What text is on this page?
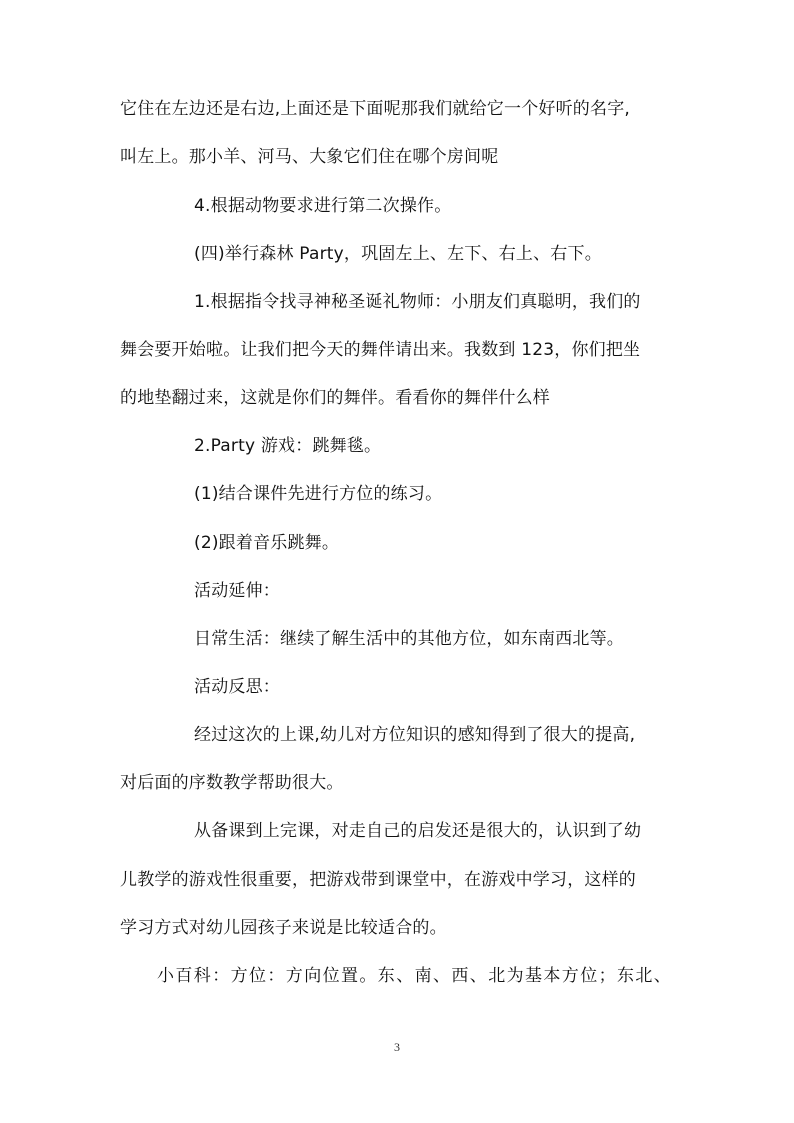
它住在左边还是右边,上面还是下面呢那我们就给它一个好听的名字,
叫左上。那小羊、河马、大象它们住在哪个房间呢
4.根据动物要求进行第二次操作。
(四)举行森林 Party，巩固左上、左下、右上、右下。
1.根据指令找寻神秘圣诞礼物师：小朋友们真聪明，我们的
舞会要开始啦。让我们把今天的舞伴请出来。我数到 123，你们把坐
的地垫翻过来，这就是你们的舞伴。看看你的舞伴什么样
2.Party 游戏：跳舞毯。
(1)结合课件先进行方位的练习。
(2)跟着音乐跳舞。
活动延伸：
日常生活：继续了解生活中的其他方位，如东南西北等。
活动反思：
经过这次的上课,幼儿对方位知识的感知得到了很大的提高,
对后面的序数教学帮助很大。
从备课到上完课，对走自己的启发还是很大的，认识到了幼
儿教学的游戏性很重要，把游戏带到课堂中，在游戏中学习，这样的
学习方式对幼儿园孩子来说是比较适合的。
小百科：方位：方向位置。东、南、西、北为基本方位；东北、
3
